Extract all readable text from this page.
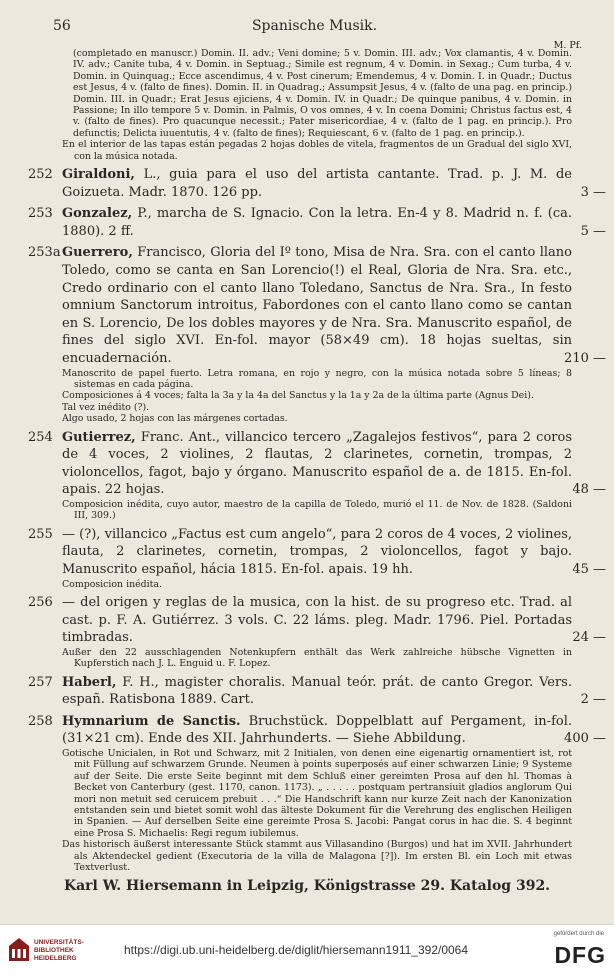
56	Spanische Musik.
M. Pf.
(completado en manuscr.) Domin. II. adv.; Veni domine; 5 v. Domin. III. adv.; Vox clamantis, 4 v. Domin. IV. adv.; Canite tuba, 4 v. Domin. in Septuag.; Simile est regnum, 4 v. Domin. in Sexag.; Cum turba, 4 v. Domin. in Quinquag.; Ecce ascendimus, 4 v. Post cinerum; Emendemus, 4 v. Domin. I. in Quadr.; Ductus est Jesus, 4 v. (falto de fines). Domin. II. in Quadrag.; Assumpsit Jesus, 4 v. (falto de una pag. en princip.) Domin. III. in Quadr.; Erat Jesus ejiciens, 4 v. Domin. IV. in Quadr.; De quinque panibus, 4 v. Domin. in Passione; In illo tempore 5 v. Domin. in Palmis, O vos omnes, 4 v. In coena Domini; Christus factus est, 4 v. (falto de fines). Pro quacunque necessit.; Pater misericordiae, 4 v. (falto de 1 pag. en princip.). Pro defunctis; Delicta iuuentutis, 4 v. (falto de fines); Requiescant, 6 v. (falto de 1 pag. en princip.).
En el interior de las tapas están pegadas 2 hojas dobles de vitela, fragmentos de un Gradual del siglo XVI, con la música notada.
252 Giraldoni, L., guia para el uso del artista cantante. Trad. p. J. M. de Goizueta. Madr. 1870. 126 pp.	3 —
253 Gonzalez, P., marcha de S. Ignacio. Con la letra. En-4 y 8. Madrid n. f. (ca. 1880). 2 ff.	5 —
253a Guerrero, Francisco, Gloria del Iº tono, Misa de Nra. Sra. con el canto llano Toledo, como se canta en San Lorencio(!) el Real, Gloria de Nra. Sra. etc., Credo ordinario con el canto llano Toledano, Sanctus de Nra. Sra., In festo omnium Sanctorum introitus, Fabordones con el canto llano como se cantan en S. Lorencio, De los dobles mayores y de Nra. Sra. Manuscrito español, de fines del siglo XVI. En-fol. mayor (58×49 cm). 18 hojas sueltas, sin encuadernación.	210 —
Manoscrito de papel fuerto. Letra romana, en rojo y negro, con la música notada sobre 5 líneas; 8 sistemas en cada página.
Composiciones á 4 voces; falta la 3a y la 4a del Sanctus y la 1a y 2a de la última parte (Agnus Dei).
Tal vez inédito (?).
Algo usado, 2 hojas con las márgenes cortadas.
254 Gutierrez, Franc. Ant., villancico tercero „Zagalejos festivos“, para 2 coros de 4 voces, 2 violines, 2 flautas, 2 clarinetes, cornetin, trompas, 2 violoncellos, fagot, bajo y órgano. Manuscrito español de a. de 1815. En-fol. apais. 22 hojas.	48 —
Composicion inédita, cuyo autor, maestro de la capilla de Toledo, murió el 11. de Nov. de 1828. (Saldoni III, 309.)
255 — (?), villancico „Factus est cum angelo“, para 2 coros de 4 voces, 2 violines, flauta, 2 clarinetes, cornetin, trompas, 2 violoncellos, fagot y bajo. Manuscrito español, hácia 1815. En-fol. apais. 19 hh.	45 —
Composicion inédita.
256 — del origen y reglas de la musica, con la hist. de su progreso etc. Trad. al cast. p. F. A. Gutiérrez. 3 vols. C. 22 láms. pleg. Madr. 1796. Piel. Portadas timbradas.	24 —
Außer den 22 ausschlagenden Notenkupfern enthält das Werk zahlreiche hübsche Vignetten in Kupferstich nach J. L. Enguid u. F. Lopez.
257 Haberl, F. H., magister choralis. Manual teór. prát. de canto Gregor. Vers. españ. Ratisbona 1889. Cart.	2 —
258 Hymnarium de Sanctis. Bruchstück. Doppelblatt auf Pergament, in-fol. (31×21 cm). Ende des XII. Jahrhunderts. — Siehe Abbildung.	400 —
Gotische Unicialen, in Rot und Schwarz, mit 2 Initialen, von denen eine eigenartig ornamentiert ist, rot mit Füllung auf schwarzem Grunde. Neumen à points superposés auf einer schwarzen Linie; 9 Systeme auf der Seite. Die erste Seite beginnt mit dem Schluß einer gereimten Prosa auf den hl. Thomas à Becket von Canterbury (gest. 1170, canon. 1173). „ . . . . . postquam pertransiuit gladios anglorum Qui mori non metuit sed ceruicem prebuit . . .“ Die Handschrift kann nur kurze Zeit nach der Kanonization entstanden sein und bietet somit wohl das älteste Dokument für die Verehrung des englischen Heiligen in Spanien. — Auf derselben Seite eine gereimte Prosa S. Jacobi: Pangat corus in hac die. S. 4 beginnt eine Prosa S. Michaelis: Regi regum iubilemus.
Das historisch äußerst interessante Stück stammt aus Villasandino (Burgos) und hat im XVII. Jahrhundert als Aktendeckel gedient (Executoria de la villa de Malagona [?]). Im ersten Bl. ein Loch mit etwas Textverlust.
Karl W. Hiersemann in Leipzig, Königstrasse 29. Katalog 392.
UNIVERSITÄTS-
BIBLIOTHEK
HEIDELBERG
https://digi.ub.uni-heidelberg.de/diglit/hiersemann1911_392/0064
gefördert durch die
DFG
